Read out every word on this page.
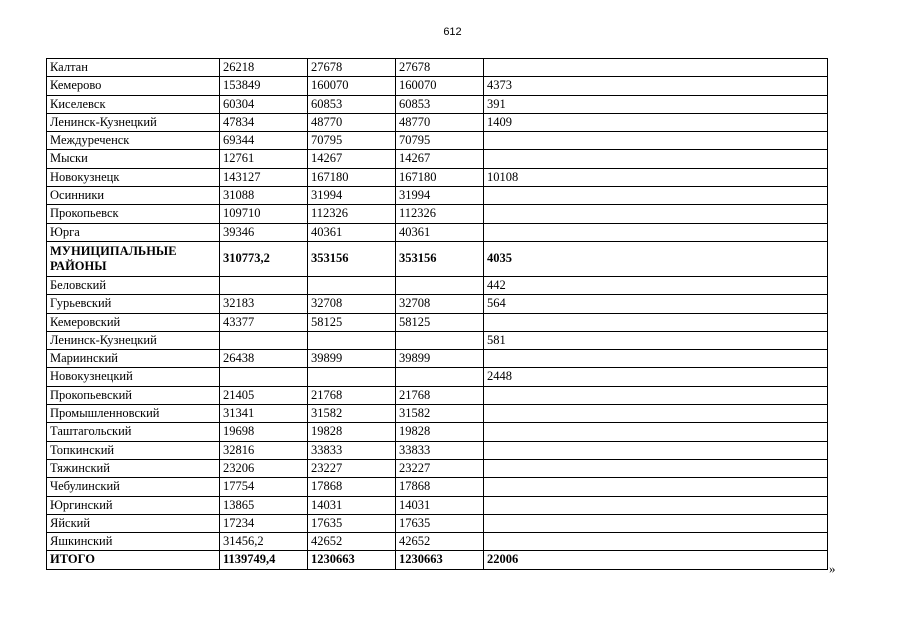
612
Калтан	26218	27678	27678	
Кемерово	153849	160070	160070	4373
Киселевск	60304	60853	60853	391
Ленинск-Кузнецкий	47834	48770	48770	1409
Междуреченск	69344	70795	70795	
Мыски	12761	14267	14267	
Новокузнецк	143127	167180	167180	10108
Осинники	31088	31994	31994	
Прокопьевск	109710	112326	112326	
Юрга	39346	40361	40361	
МУНИЦИПАЛЬНЫЕ РАЙОНЫ	310773,2	353156	353156	4035
Беловский				442
Гурьевский	32183	32708	32708	564
Кемеровский	43377	58125	58125	
Ленинск-Кузнецкий				581
Мариинский	26438	39899	39899	
Новокузнецкий				2448
Прокопьевский	21405	21768	21768	
Промышленновский	31341	31582	31582	
Таштагольский	19698	19828	19828	
Топкинский	32816	33833	33833	
Тяжинский	23206	23227	23227	
Чебулинский	17754	17868	17868	
Юргинский	13865	14031	14031	
Яйский	17234	17635	17635	
Яшкинский	31456,2	42652	42652	
ИТОГО	1139749,4	1230663	1230663	22006
»
